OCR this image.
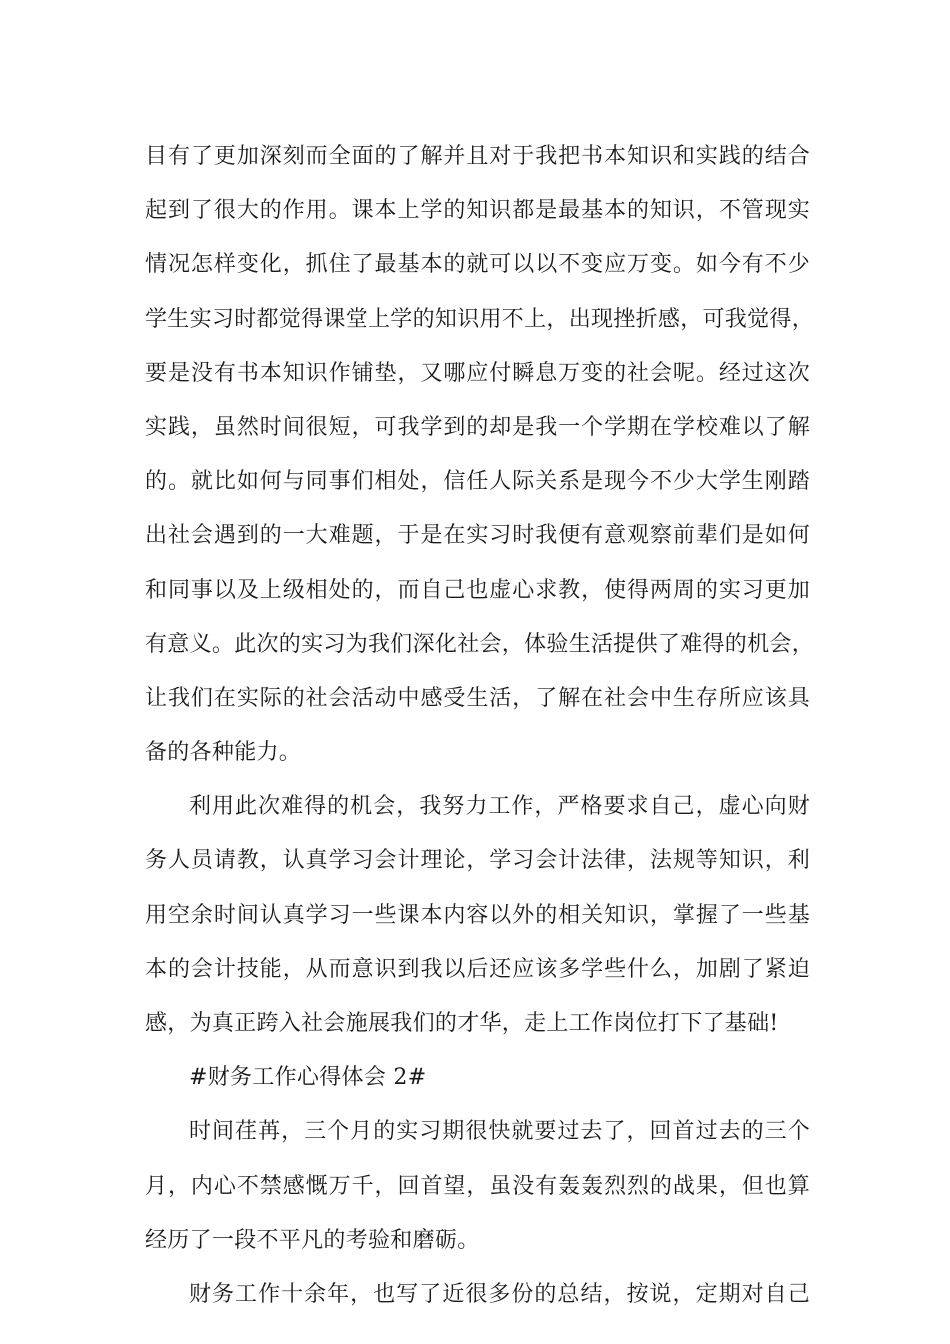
目有了更加深刻而全面的了解并且对于我把书本知识和实践的结合
起到了很大的作用。课本上学的知识都是最基本的知识，不管现实
情况怎样变化，抓住了最基本的就可以以不变应万变。如今有不少
学生实习时都觉得课堂上学的知识用不上，出现挫折感，可我觉得，
要是没有书本知识作铺垫，又哪应付瞬息万变的社会呢。经过这次
实践，虽然时间很短，可我学到的却是我一个学期在学校难以了解
的。就比如何与同事们相处，信任人际关系是现今不少大学生刚踏
出社会遇到的一大难题，于是在实习时我便有意观察前辈们是如何
和同事以及上级相处的，而自己也虚心求教，使得两周的实习更加
有意义。此次的实习为我们深化社会，体验生活提供了难得的机会，
让我们在实际的社会活动中感受生活，了解在社会中生存所应该具
备的各种能力。
利用此次难得的机会，我努力工作，严格要求自己，虚心向财
务人员请教，认真学习会计理论，学习会计法律，法规等知识，利
用空余时间认真学习一些课本内容以外的相关知识，掌握了一些基
本的会计技能，从而意识到我以后还应该多学些什么，加剧了紧迫
感，为真正跨入社会施展我们的才华，走上工作岗位打下了基础!
#财务工作心得体会 2#
时间荏苒，三个月的实习期很快就要过去了，回首过去的三个
月，内心不禁感慨万千，回首望，虽没有轰轰烈烈的战果，但也算
经历了一段不平凡的考验和磨砺。
财务工作十余年，也写了近很多份的总结，按说，定期对自己
